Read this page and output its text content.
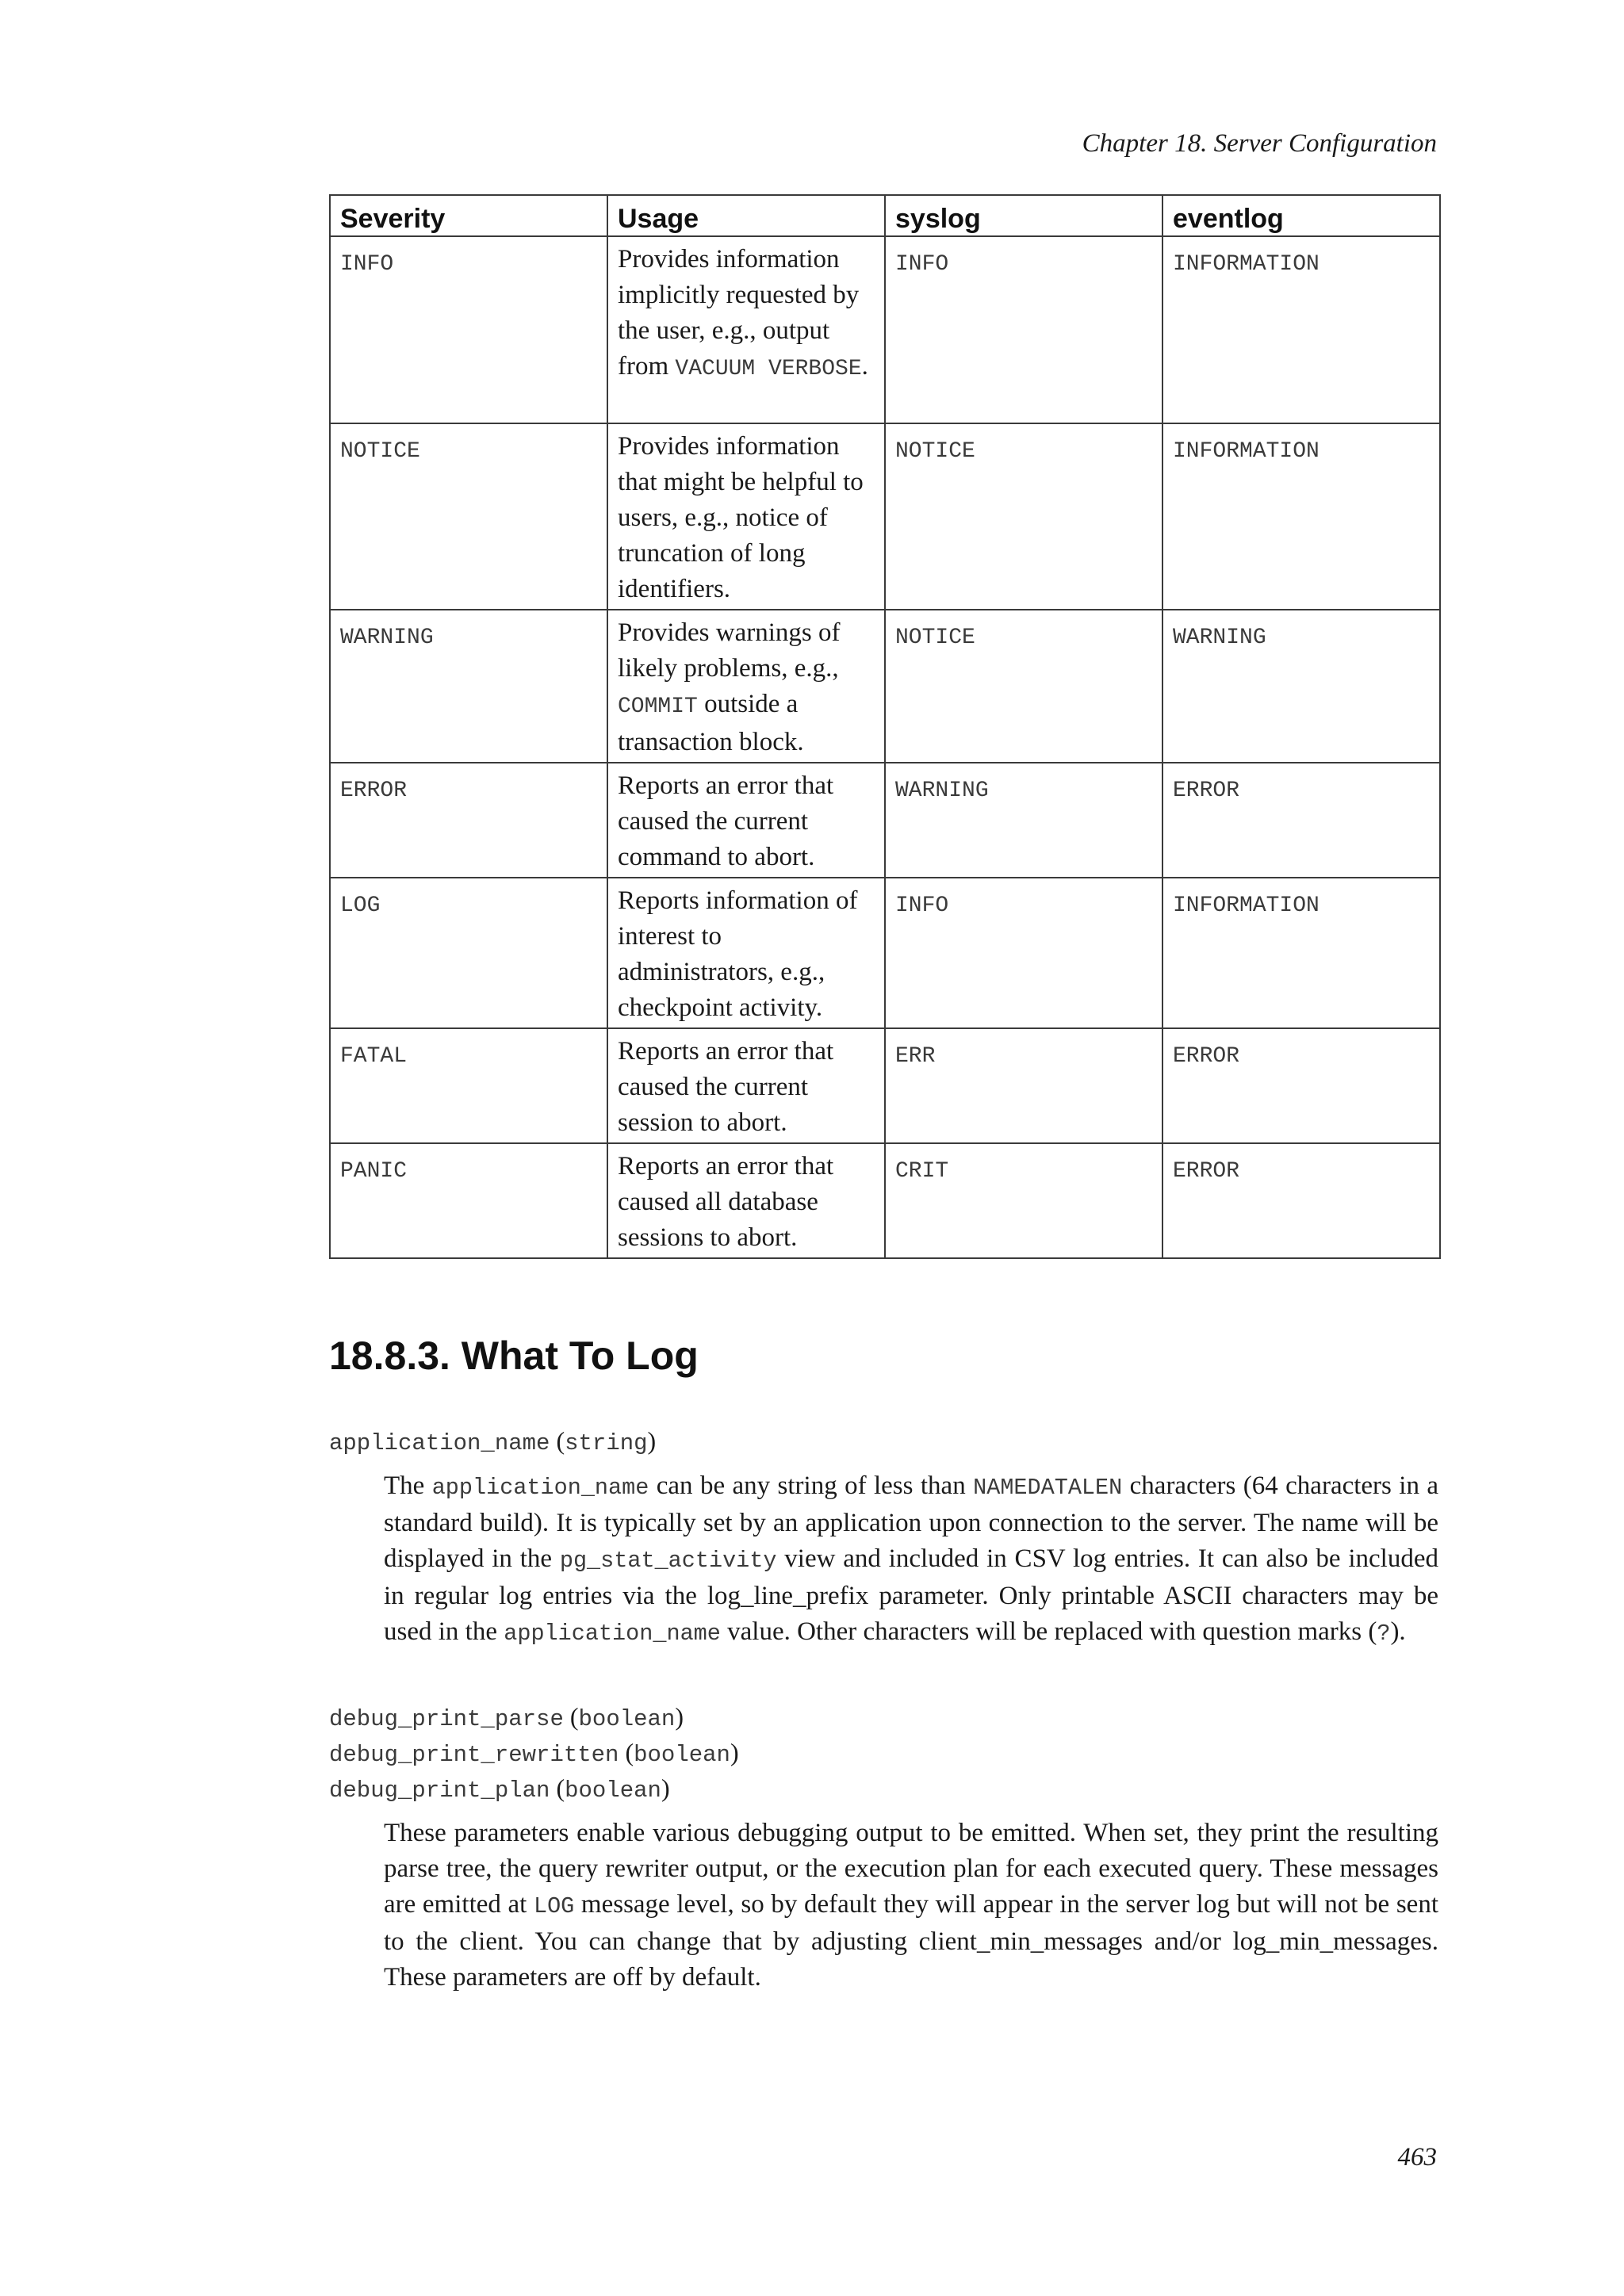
Chapter 18. Server Configuration
Severity	Usage	syslog	eventlog
INFO	Provides information implicitly requested by the user, e.g., output from VACUUM VERBOSE.	INFO	INFORMATION
NOTICE	Provides information that might be helpful to users, e.g., notice of truncation of long identifiers.	NOTICE	INFORMATION
WARNING	Provides warnings of likely problems, e.g., COMMIT outside a transaction block.	NOTICE	WARNING
ERROR	Reports an error that caused the current command to abort.	WARNING	ERROR
LOG	Reports information of interest to administrators, e.g., checkpoint activity.	INFO	INFORMATION
FATAL	Reports an error that caused the current session to abort.	ERR	ERROR
PANIC	Reports an error that caused all database sessions to abort.	CRIT	ERROR
18.8.3. What To Log
application_name (string)

The application_name can be any string of less than NAMEDATALEN characters (64 characters in a standard build). It is typically set by an application upon connection to the server. The name will be displayed in the pg_stat_activity view and included in CSV log entries. It can also be included in regular log entries via the log_line_prefix parameter. Only printable ASCII characters may be used in the application_name value. Other characters will be replaced with question marks (?).

debug_print_parse (boolean)
debug_print_rewritten (boolean)
debug_print_plan (boolean)

These parameters enable various debugging output to be emitted. When set, they print the resulting parse tree, the query rewriter output, or the execution plan for each executed query. These messages are emitted at LOG message level, so by default they will appear in the server log but will not be sent to the client. You can change that by adjusting client_min_messages and/or log_min_messages. These parameters are off by default.

463
